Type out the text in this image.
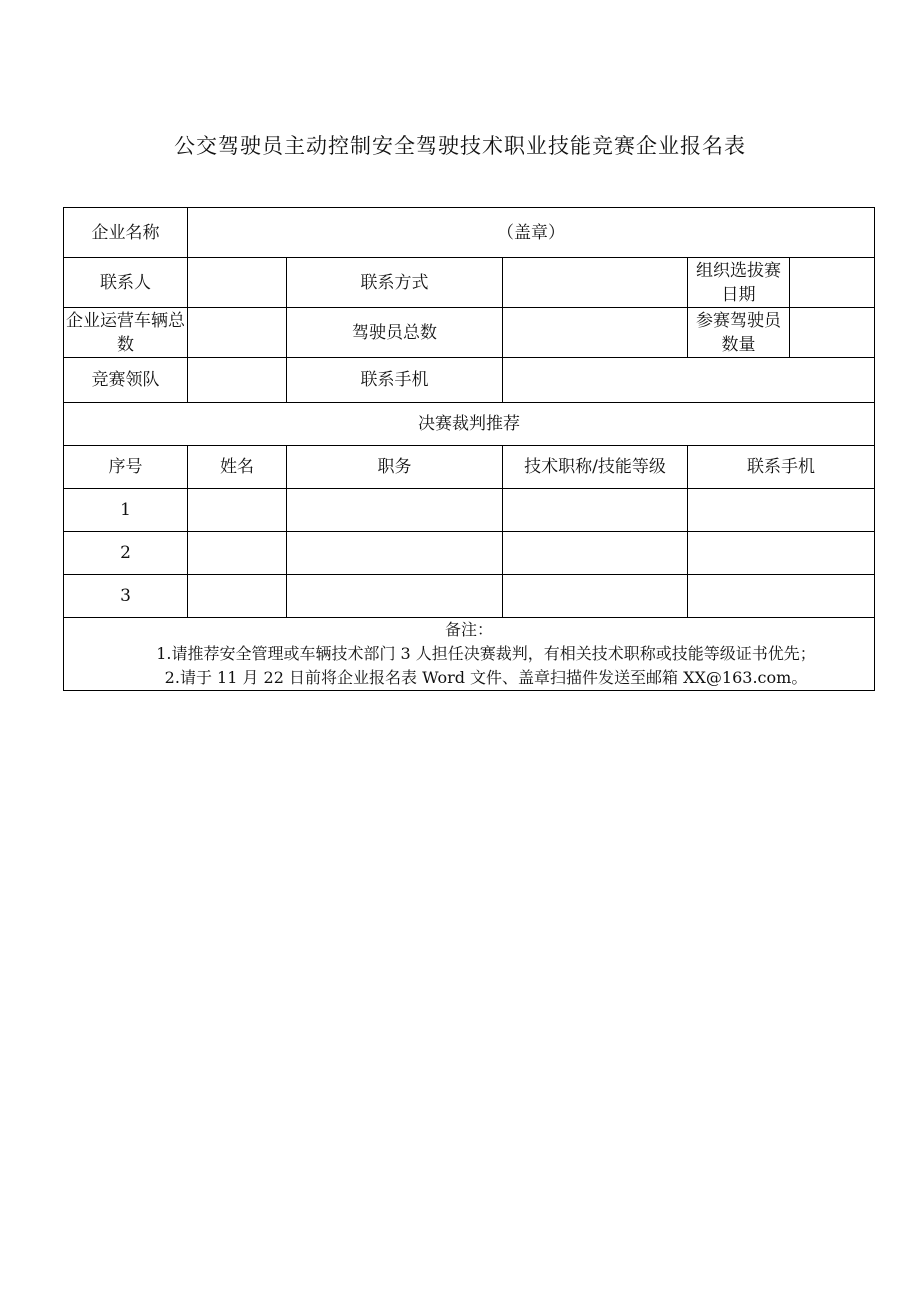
公交驾驶员主动控制安全驾驶技术职业技能竞赛企业报名表
企业名称	（盖章）				
联系人		联系方式		组织选拔赛日期	
企业运营车辆总数		驾驶员总数		参赛驾驶员数量	
竞赛领队		联系手机			
决赛裁判推荐					
序号	姓名	职务	技术职称/技能等级	联系手机	
1					
2					
3					
备注：
1.请推荐安全管理或车辆技术部门 3 人担任决赛裁判，有相关技术职称或技能等级证书优先；
2.请于 11 月 22 日前将企业报名表 Word 文件、盖章扫描件发送至邮箱 XX@163.com。					
